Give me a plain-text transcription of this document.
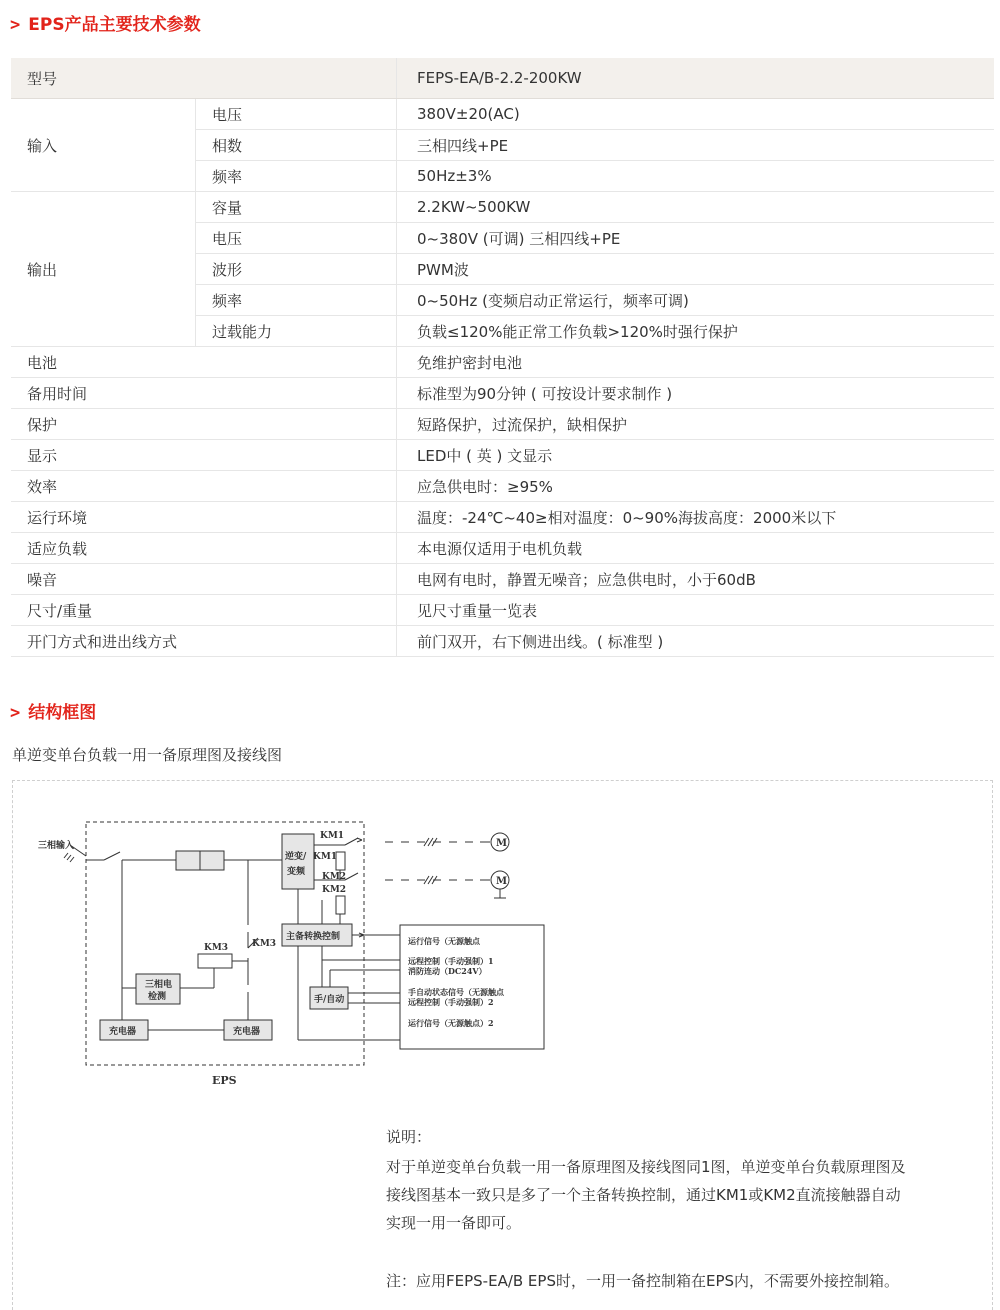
> EPS产品主要技术参数
型号		FEPS-EA/B-2.2-200KW
输入	电压	380V±20(AC)
	相数	三相四线+PE
	频率	50Hz±3%
输出	容量	2.2KW~500KW
	电压	0~380V (可调) 三相四线+PE
	波形	PWM波
	频率	0~50Hz (变频启动正常运行，频率可调)
	过载能力	负载≤120%能正常工作负载>120%时强行保护
电池		免维护密封电池
备用时间		标准型为90分钟 ( 可按设计要求制作 )
保护		短路保护，过流保护，缺相保护
显示		LED中 ( 英 ) 文显示
效率		应急供电时：≥95%
运行环境		温度：-24℃~40≥相对温度：0~90%海拔高度：2000米以下
适应负载		本电源仅适用于电机负载
噪音		电网有电时，静置无噪音；应急供电时，小于60dB
尺寸/重量		见尺寸重量一览表
开门方式和进出线方式		前门双开，右下侧进出线。( 标准型 )
> 结构框图
单逆变单台负载一用一备原理图及接线图
EPS
三相输入
逆变/
变频
KM1
KM1
KM2
KM2
M
M
主备转换控制
KM3
KM3
三相电
检测
充电器	充电器
手/自动
运行信号（无源触点
远程控制（手动强制）1
消防连动（DC24V）
手自动状态信号（无源触点
远程控制（手动强制）2
运行信号（无源触点）2
说明：
对于单逆变单台负载一用一备原理图及接线图同1图，单逆变单台负载原理图及
接线图基本一致只是多了一个主备转换控制，通过KM1或KM2直流接触器自动
实现一用一备即可。
注：应用FEPS-EA/B EPS时，一用一备控制箱在EPS内，不需要外接控制箱。
